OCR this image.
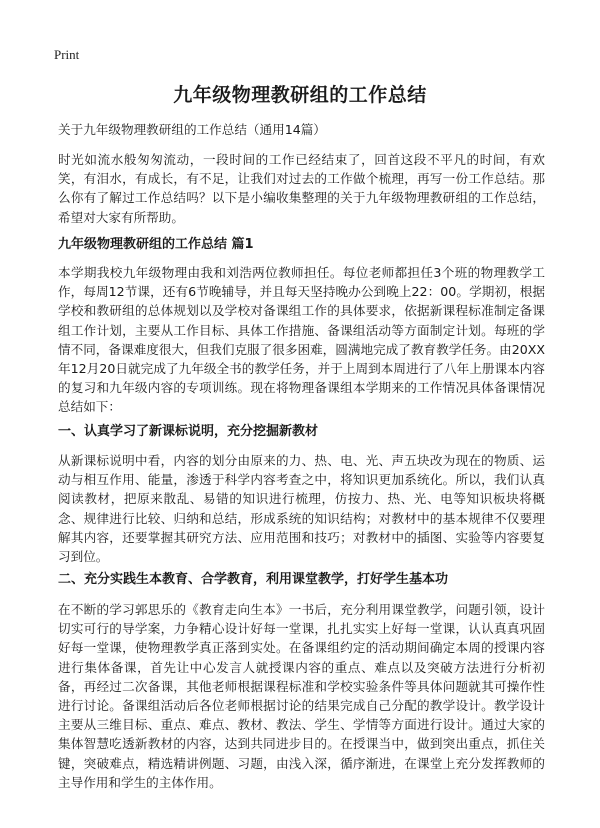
Print
九年级物理教研组的工作总结

关于九年级物理教研组的工作总结（通用14篇）

时光如流水般匆匆流动，一段时间的工作已经结束了，回首这段不平凡的时间，有欢笑，有泪水，有成长，有不足，让我们对过去的工作做个梳理，再写一份工作总结。那么你有了解过工作总结吗？以下是小编收集整理的关于九年级物理教研组的工作总结，希望对大家有所帮助。

九年级物理教研组的工作总结 篇1

本学期我校九年级物理由我和刘浩两位教师担任。每位老师都担任3个班的物理教学工作，每周12节课，还有6节晚辅导，并且每天坚持晚办公到晚上22：00。学期初，根据学校和教研组的总体规划以及学校对备课组工作的具体要求，依据新课程标准制定备课组工作计划，主要从工作目标、具体工作措施、备课组活动等方面制定计划。每班的学情不同，备课难度很大，但我们克服了很多困难，圆满地完成了教育教学任务。由20XX年12月20日就完成了九年级全书的教学任务，并于上周到本周进行了八年上册课本内容的复习和九年级内容的专项训练。现在将物理备课组本学期来的工作情况具体备课情况总结如下：

一、认真学习了新课标说明，充分挖掘新教材

从新课标说明中看，内容的划分由原来的力、热、电、光、声五块改为现在的物质、运动与相互作用、能量，渗透于科学内容考查之中，将知识更加系统化。所以，我们认真阅读教材，把原来散乱、易错的知识进行梳理，仿按力、热、光、电等知识板块将概念、规律进行比较、归纳和总结，形成系统的知识结构；对教材中的基本规律不仅要理解其内容，还要掌握其研究方法、应用范围和技巧；对教材中的插图、实验等内容要复习到位。

二、充分实践生本教育、合学教育，利用课堂教学，打好学生基本功

在不断的学习郭思乐的《教育走向生本》一书后，充分利用课堂教学，问题引领，设计切实可行的导学案，力争精心设计好每一堂课，扎扎实实上好每一堂课，认认真真巩固好每一堂课，使物理教学真正落到实处。在备课组约定的活动期间确定本周的授课内容进行集体备课，首先让中心发言人就授课内容的重点、难点以及突破方法进行分析初备，再经过二次备课，其他老师根据课程标准和学校实验条件等具体问题就其可操作性进行讨论。备课组活动后各位老师根据讨论的结果完成自己分配的教学设计。教学设计主要从三维目标、重点、难点、教材、教法、学生、学情等方面进行设计。通过大家的集体智慧吃透新教材的内容，达到共同进步目的。在授课当中，做到突出重点，抓住关键，突破难点，精选精讲例题、习题，由浅入深，循序渐进，在课堂上充分发挥教师的主导作用和学生的主体作用。
